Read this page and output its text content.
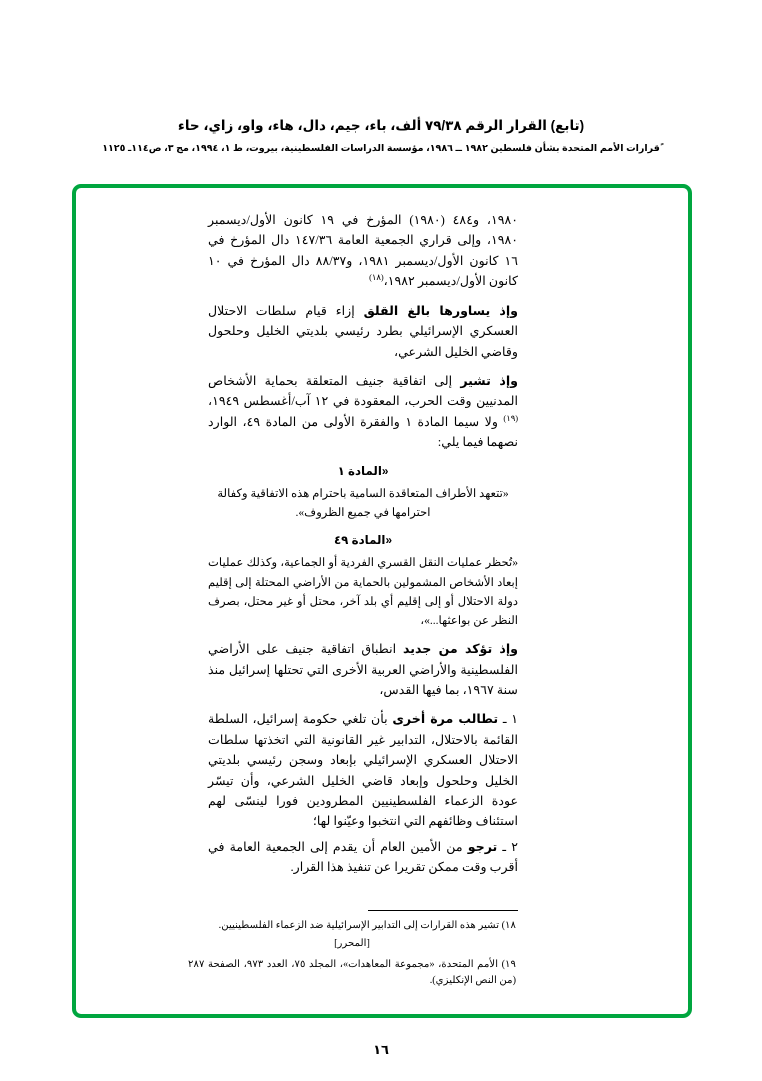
(تابع) القرار الرقم ٧٩/٣٨ ألف، باء، جيم، دال، هاء، واو، زاي، حاء
ًقرارات الأمم المتحدة بشأن فلسطين ١٩٨٢ ــ ١٩٨٦، مؤسسة الدراسات الفلسطينية، بيروت، ط ١، ١٩٩٤، مج ٣، ص١١٤ـ ١١٢٥

١٩٨٠، و٤٨٤ (١٩٨٠) المؤرخ في ١٩ كانون الأول/ديسمبر ١٩٨٠، وإلى قراري الجمعية العامة ١٤٧/٣٦ دال المؤرخ في ١٦ كانون الأول/ديسمبر ١٩٨١، و٨٨/٣٧ دال المؤرخ في ١٠ كانون الأول/ديسمبر ١٩٨٢،$^{(١٨)}$

وإذ يساورها بالغ القلق إزاء قيام سلطات الاحتلال العسكري الإسرائيلي بطرد رئيسي بلديتي الخليل وحلحول وقاضي الخليل الشرعي،

وإذ تشير إلى اتفاقية جنيف المتعلقة بحماية الأشخاص المدنيين وقت الحرب، المعقودة في ١٢ آب/أغسطس ١٩٤٩،$^{(١٩)}$ ولا سيما المادة ١ والفقرة الأولى من المادة ٤٩، الوارد نصهما فيما يلي:

«المادة ١

«تتعهد الأطراف المتعاقدة السامية باحترام هذه الاتفاقية وكفالة احترامها في جميع الظروف».

«المادة ٤٩

«تُحظر عمليات النقل القسري الفردية أو الجماعية، وكذلك عمليات إبعاد الأشخاص المشمولين بالحماية من الأراضي المحتلة إلى إقليم دولة الاحتلال أو إلى إقليم أي بلد آخر، محتل أو غير محتل، بصرف النظر عن بواعثها...»،

وإذ تؤكد من جديد انطباق اتفاقية جنيف على الأراضي الفلسطينية والأراضي العربية الأخرى التي تحتلها إسرائيل منذ سنة ١٩٦٧، بما فيها القدس،

١ ـ تطالب مرة أخرى بأن تلغي حكومة إسرائيل، السلطة القائمة بالاحتلال، التدابير غير القانونية التي اتخذتها سلطات الاحتلال العسكري الإسرائيلي بإبعاد وسجن رئيسي بلديتي الخليل وحلحول وإبعاد قاضي الخليل الشرعي، وأن تيسّر عودة الزعماء الفلسطينيين المطرودين فورا لينسّى لهم استئناف وظائفهم التي انتخبوا وعيّنوا لها؛

٢ ـ ترجو من الأمين العام أن يقدم إلى الجمعية العامة في أقرب وقت ممكن تقريرا عن تنفيذ هذا القرار.

١٨) تشير هذه القرارات إلى التدابير الإسرائيلية ضد الزعماء الفلسطينيين.
[المحرر]
١٩) الأمم المتحدة، «مجموعة المعاهدات»، المجلد ٧٥، العدد ٩٧٣، الصفحة ٢٨٧ (من النص الإنكليزي).
١٦
